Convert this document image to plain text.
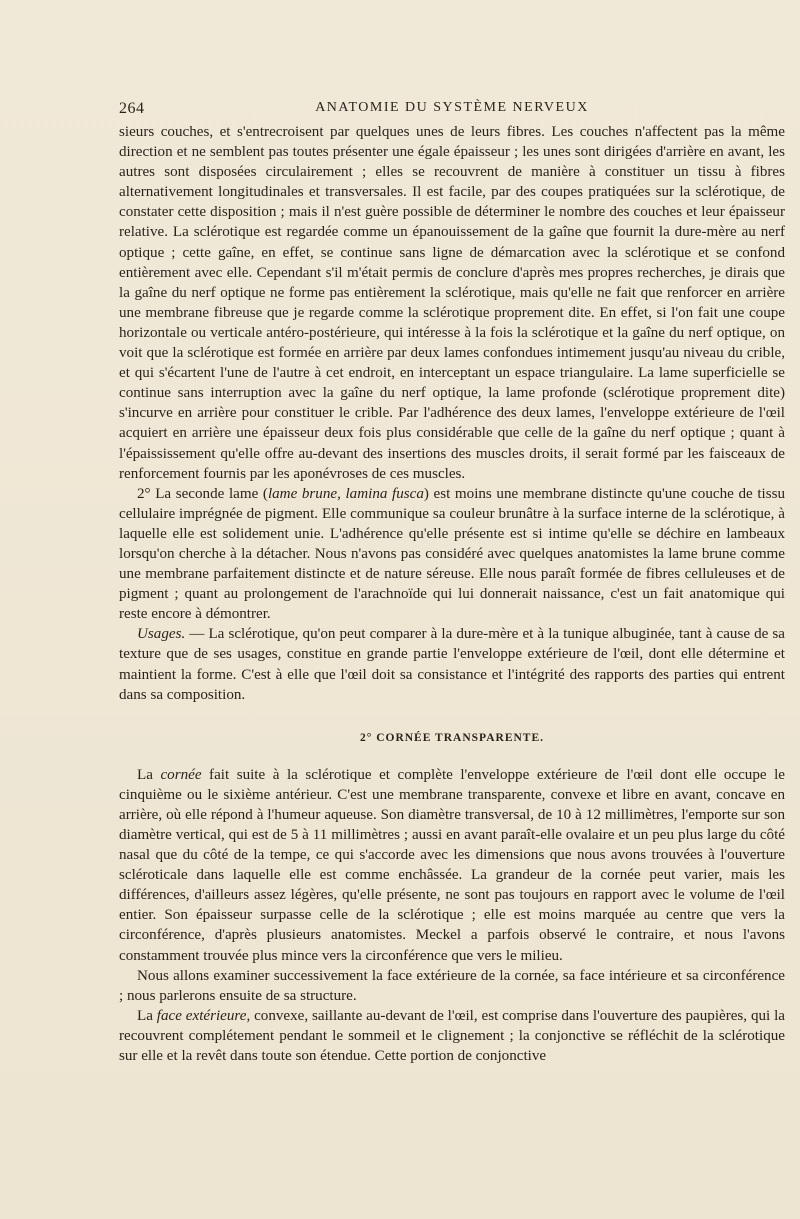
264	ANATOMIE DU SYSTÈME NERVEUX

sieurs couches, et s'entrecroisent par quelques unes de leurs fibres. Les couches n'affectent pas la même direction et ne semblent pas toutes présenter une égale épaisseur ; les unes sont dirigées d'arrière en avant, les autres sont disposées circulairement ; elles se recouvrent de manière à constituer un tissu à fibres alternativement longitudinales et transversales. Il est facile, par des coupes pratiquées sur la sclérotique, de constater cette disposition ; mais il n'est guère possible de déterminer le nombre des couches et leur épaisseur relative. La sclérotique est regardée comme un épanouissement de la gaîne que fournit la dure-mère au nerf optique ; cette gaîne, en effet, se continue sans ligne de démarcation avec la sclérotique et se confond entièrement avec elle. Cependant s'il m'était permis de conclure d'après mes propres recherches, je dirais que la gaîne du nerf optique ne forme pas entièrement la sclérotique, mais qu'elle ne fait que renforcer en arrière une membrane fibreuse que je regarde comme la sclérotique proprement dite. En effet, si l'on fait une coupe horizontale ou verticale antéro-postérieure, qui intéresse à la fois la sclérotique et la gaîne du nerf optique, on voit que la sclérotique est formée en arrière par deux lames confondues intimement jusqu'au niveau du crible, et qui s'écartent l'une de l'autre à cet endroit, en interceptant un espace triangulaire. La lame superficielle se continue sans interruption avec la gaîne du nerf optique, la lame profonde (sclérotique proprement dite) s'incurve en arrière pour constituer le crible. Par l'adhérence des deux lames, l'enveloppe extérieure de l'œil acquiert en arrière une épaisseur deux fois plus considérable que celle de la gaîne du nerf optique ; quant à l'épaississement qu'elle offre au-devant des insertions des muscles droits, il serait formé par les faisceaux de renforcement fournis par les aponévroses de ces muscles.

2° La seconde lame (lame brune, lamina fusca) est moins une membrane distincte qu'une couche de tissu cellulaire imprégnée de pigment. Elle communique sa couleur brunâtre à la surface interne de la sclérotique, à laquelle elle est solidement unie. L'adhérence qu'elle présente est si intime qu'elle se déchire en lambeaux lorsqu'on cherche à la détacher. Nous n'avons pas considéré avec quelques anatomistes la lame brune comme une membrane parfaitement distincte et de nature séreuse. Elle nous paraît formée de fibres celluleuses et de pigment ; quant au prolongement de l'arachnoïde qui lui donnerait naissance, c'est un fait anatomique qui reste encore à démontrer.

Usages. — La sclérotique, qu'on peut comparer à la dure-mère et à la tunique albuginée, tant à cause de sa texture que de ses usages, constitue en grande partie l'enveloppe extérieure de l'œil, dont elle détermine et maintient la forme. C'est à elle que l'œil doit sa consistance et l'intégrité des rapports des parties qui entrent dans sa composition.

2° CORNÉE TRANSPARENTE.

La cornée fait suite à la sclérotique et complète l'enveloppe extérieure de l'œil dont elle occupe le cinquième ou le sixième antérieur. C'est une membrane transparente, convexe et libre en avant, concave en arrière, où elle répond à l'humeur aqueuse. Son diamètre transversal, de 10 à 12 millimètres, l'emporte sur son diamètre vertical, qui est de 5 à 11 millimètres ; aussi en avant paraît-elle ovalaire et un peu plus large du côté nasal que du côté de la tempe, ce qui s'accorde avec les dimensions que nous avons trouvées à l'ouverture scléroticale dans laquelle elle est comme enchâssée. La grandeur de la cornée peut varier, mais les différences, d'ailleurs assez légères, qu'elle présente, ne sont pas toujours en rapport avec le volume de l'œil entier. Son épaisseur surpasse celle de la sclérotique ; elle est moins marquée au centre que vers la circonférence, d'après plusieurs anatomistes. Meckel a parfois observé le contraire, et nous l'avons constamment trouvée plus mince vers la circonférence que vers le milieu.

Nous allons examiner successivement la face extérieure de la cornée, sa face intérieure et sa circonférence ; nous parlerons ensuite de sa structure.

La face extérieure, convexe, saillante au-devant de l'œil, est comprise dans l'ouverture des paupières, qui la recouvrent complétement pendant le sommeil et le clignement ; la conjonctive se réfléchit de la sclérotique sur elle et la revêt dans toute son étendue. Cette portion de conjonctive
